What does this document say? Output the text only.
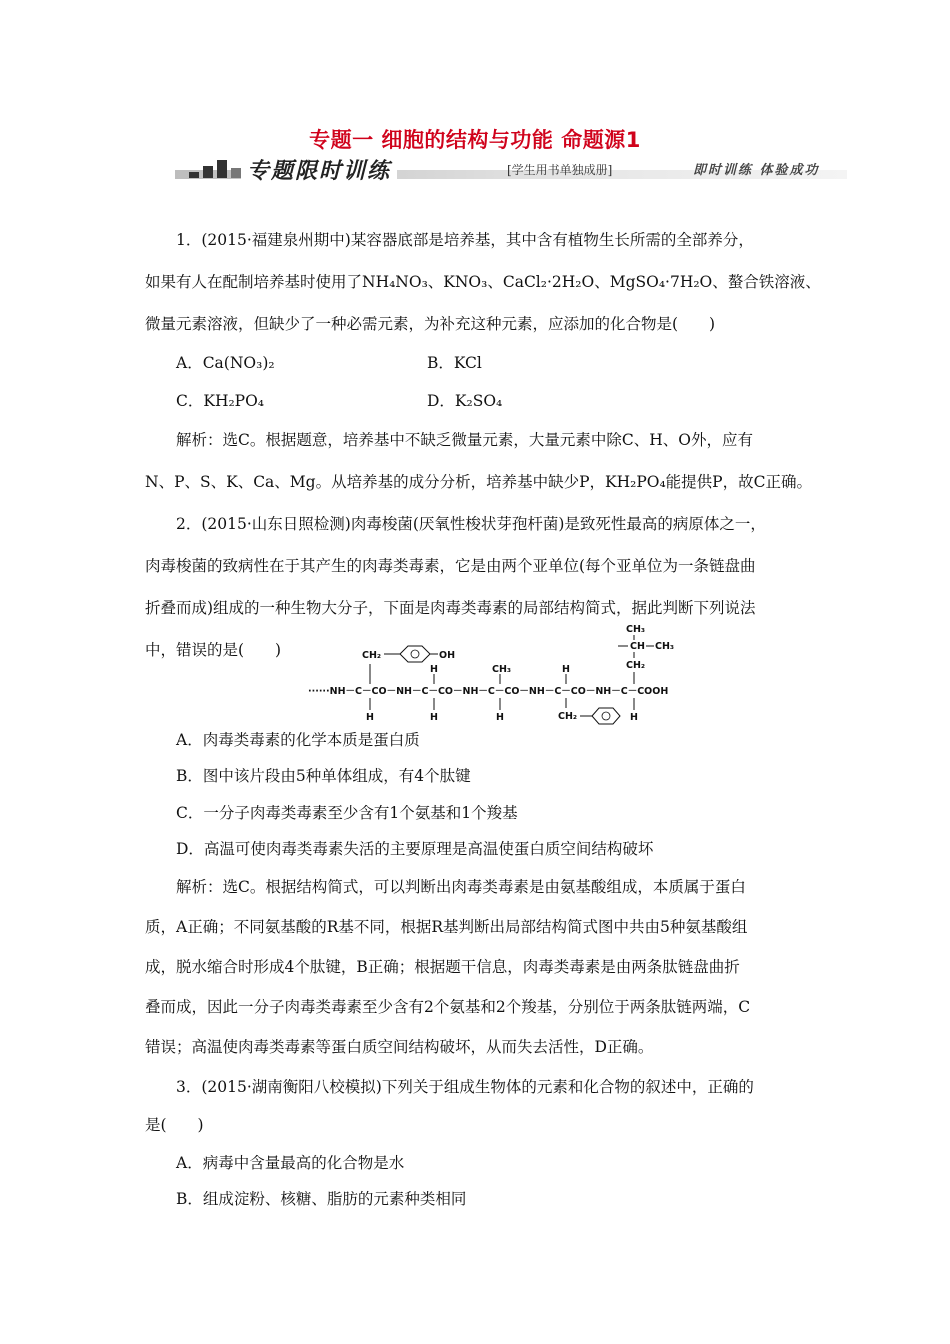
专题一 细胞的结构与功能 命题源1
专题限时训练	[学生用书单独成册]	即时训练 体验成功
1．(2015·福建泉州期中)某容器底部是培养基，其中含有植物生长所需的全部养分，
如果有人在配制培养基时使用了NH₄NO₃、KNO₃、CaCl₂·2H₂O、MgSO₄·7H₂O、螯合铁溶液、
微量元素溶液，但缺少了一种必需元素，为补充这种元素，应添加的化合物是(　　)
A．Ca(NO₃)₂	B．KCl
C．KH₂PO₄	D．K₂SO₄
解析：选C。根据题意，培养基中不缺乏微量元素，大量元素中除C、H、O外，应有
N、P、S、K、Ca、Mg。从培养基的成分分析，培养基中缺少P，KH₂PO₄能提供P，故C正确。
2．(2015·山东日照检测)肉毒梭菌(厌氧性梭状芽孢杆菌)是致死性最高的病原体之一，
肉毒梭菌的致病性在于其产生的肉毒类毒素，它是由两个亚单位(每个亚单位为一条链盘曲
折叠而成)组成的一种生物大分子，下面是肉毒类毒素的局部结构简式，据此判断下列说法
中，错误的是(　　)
······NH－C－CO－NH－C－CO－NH－C－CO－NH－C－CO－NH－C－COOH
H
CH₂	OH
H
H
CH₃
H
H
CH₂
CH₃
CH CH₃
CH₂
H
A．肉毒类毒素的化学本质是蛋白质
B．图中该片段由5种单体组成，有4个肽键
C．一分子肉毒类毒素至少含有1个氨基和1个羧基
D．高温可使肉毒类毒素失活的主要原理是高温使蛋白质空间结构破坏
解析：选C。根据结构简式，可以判断出肉毒类毒素是由氨基酸组成，本质属于蛋白
质，A正确；不同氨基酸的R基不同，根据R基判断出局部结构简式图中共由5种氨基酸组
成，脱水缩合时形成4个肽键，B正确；根据题干信息，肉毒类毒素是由两条肽链盘曲折
叠而成，因此一分子肉毒类毒素至少含有2个氨基和2个羧基，分别位于两条肽链两端，C
错误；高温使肉毒类毒素等蛋白质空间结构破坏，从而失去活性，D正确。
3．(2015·湖南衡阳八校模拟)下列关于组成生物体的元素和化合物的叙述中，正确的
是(　　)
A．病毒中含量最高的化合物是水
B．组成淀粉、核糖、脂肪的元素种类相同
